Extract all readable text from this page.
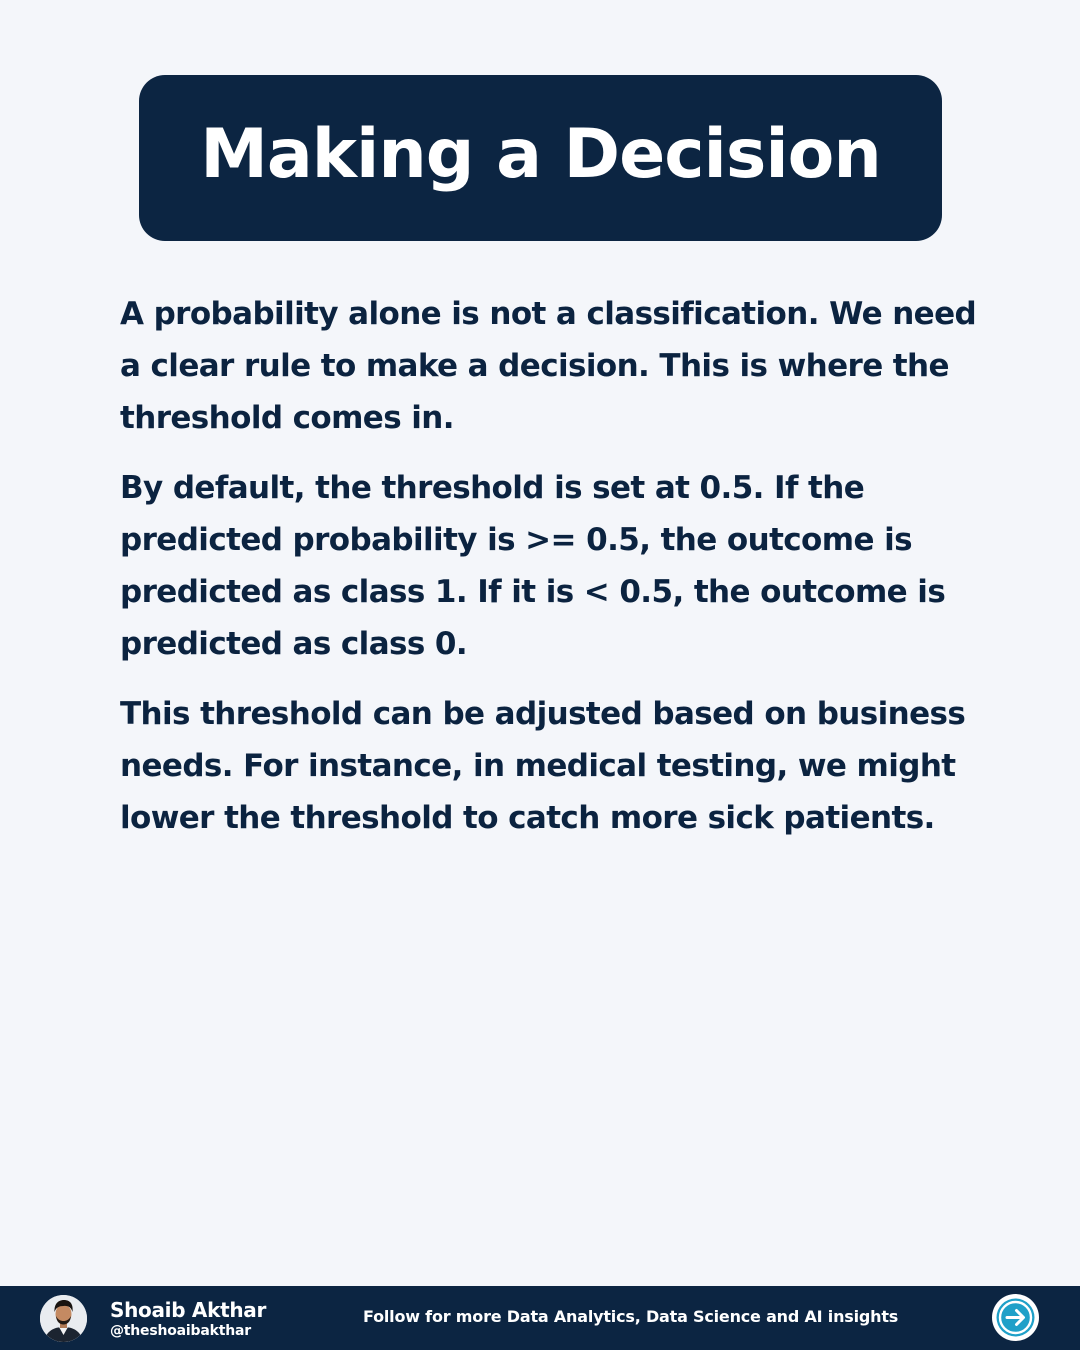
Making a Decision

A probability alone is not a classification. We need a clear rule to make a decision. This is where the threshold comes in.

By default, the threshold is set at 0.5. If the predicted probability is >= 0.5, the outcome is predicted as class 1. If it is < 0.5, the outcome is predicted as class 0.

This threshold can be adjusted based on business needs. For instance, in medical testing, we might lower the threshold to catch more sick patients.

Shoaib Akthar
@theshoaibakthar
Follow for more Data Analytics, Data Science and AI insights
